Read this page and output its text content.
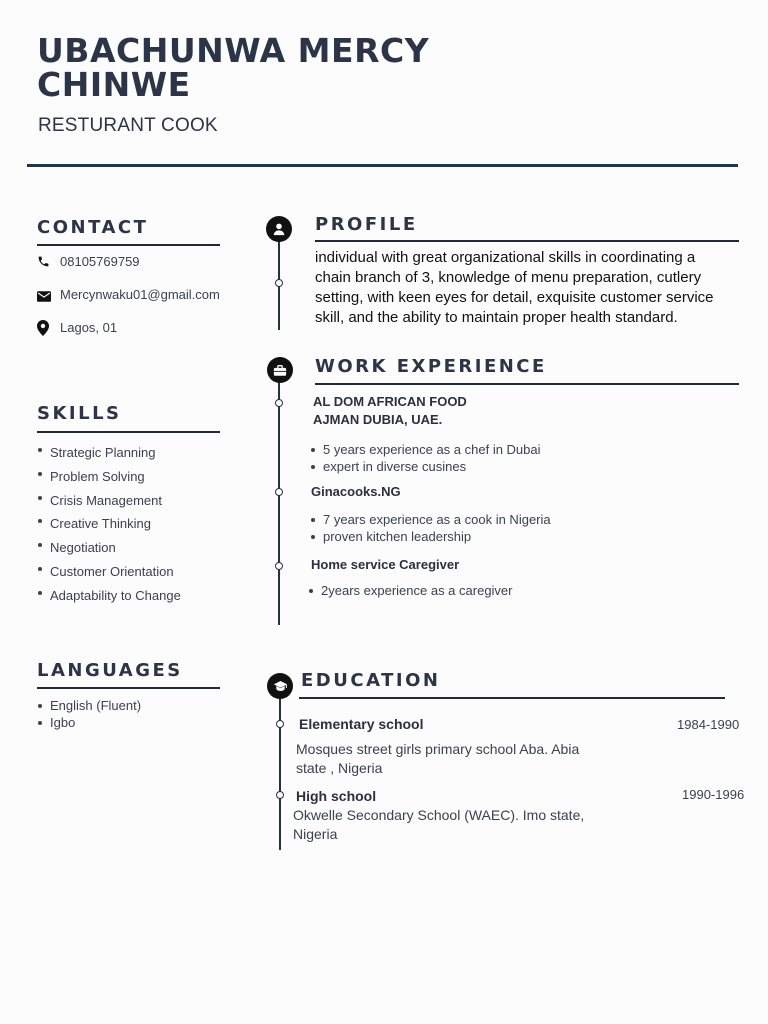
UBACHUNWA MERCY
CHINWE
RESTURANT COOK
CONTACT
08105769759
Mercynwaku01@gmail.com
Lagos, 01
SKILLS
Strategic Planning
Problem Solving
Crisis Management
Creative Thinking
Negotiation
Customer Orientation
Adaptability to Change
LANGUAGES
English (Fluent)
Igbo
PROFILE
individual with great organizational skills in coordinating a chain branch of 3, knowledge of menu preparation, cutlery setting, with keen eyes for detail, exquisite customer service skill, and the ability to maintain proper health standard.
WORK EXPERIENCE
AL DOM AFRICAN FOOD
AJMAN DUBIA, UAE.
5 years experience as a chef in Dubai
expert in diverse cusines
Ginacooks.NG
7 years experience as a cook in Nigeria
proven kitchen leadership
Home service Caregiver
2years experience as a caregiver
EDUCATION
Elementary school	1984-1990
Mosques street girls primary school Aba. Abia state , Nigeria
High school	1990-1996
Okwelle Secondary School (WAEC). Imo state, Nigeria
